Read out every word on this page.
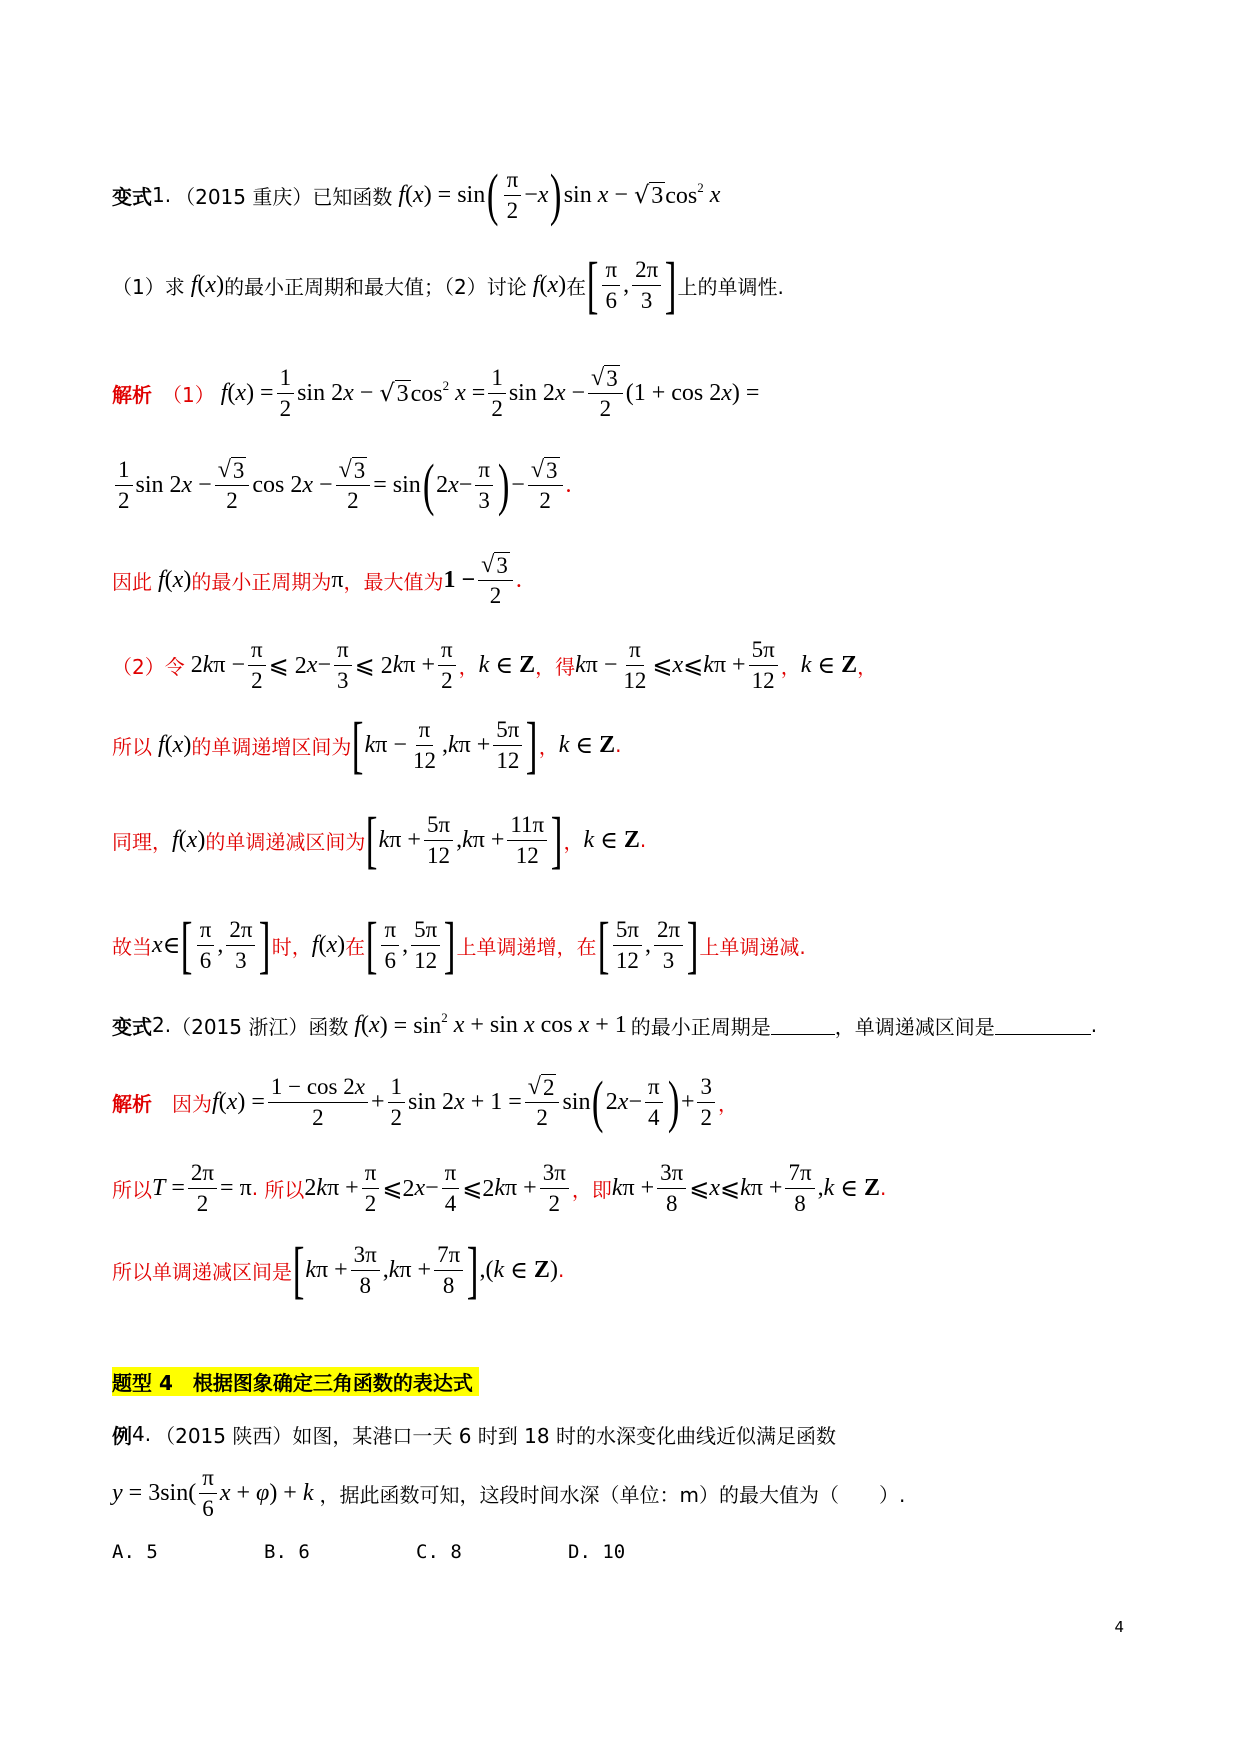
变式 1. （2015 重庆）已知函数 f ( x ) = sin ( $\frac{\pi}{2} - x$ ) sin x − √ 3 $\cos^2 x$
（1）求 f ( x ) 的最小正周期和最大值；（2）讨论 f ( x ) 在 [ $\frac{\pi}{6}$ , $\frac{2\pi}{3}$ ] 上的单调性.
解析 （1） f ( x ) = $\frac{1}{2}$ sin 2 x − √ 3 $\cos^2 x = \frac{1}{2}$ sin 2 $x - \frac{√ 3}{2} (1 + \cos 2$ x ) =
$\frac{1}{2}$ sin 2 $x - \frac{√ 3}{2}$ cos 2 $x - \frac{√ 3}{2} = \sin$ ( 2 $x - \frac{\pi}{3}$ ) − $\frac{√ 3}{2}$ .
因此 f ( x ) 的最小正周期为 π ，最大值为 $1 - \frac{√ 3}{2}$ .
（2）令 2 k $\pi - \frac{\pi}{2}$ ⩽ 2 $x - \frac{\pi}{3}$ ⩽ 2 k $\pi + \frac{\pi}{2}$ ， k ∈ Z ，得 k $\pi - \frac{\pi}{12}$ ⩽ x ⩽ k $\pi + \frac{5\pi}{12}$ ， k ∈ Z ，
所以 f ( x ) 的单调递增区间为 [ k $\pi - \frac{\pi}{12}$ , k $\pi + \frac{5\pi}{12}$ ] ， k ∈ Z .
同理， f ( x ) 的单调递减区间为 [ k $\pi + \frac{5\pi}{12}$ , k $\pi + \frac{11\pi}{12}$ ] ， k ∈ Z .
故当 x ∈ [ $\frac{\pi}{6}$ , $\frac{2\pi}{3}$ ] 时， f ( x ) 在 [ $\frac{\pi}{6}$ , $\frac{5\pi}{12}$ ] 上单调递增，在 [ $\frac{5\pi}{12}$ , $\frac{2\pi}{3}$ ] 上单调递减.
变式 2. （2015 浙江）函数 f ( x ) = $\sin^2 x + \sin x$ cos x + 1 的最小正周期是	，单调递减区间是	.
解析 因为 f ( x ) = $\frac{1 - \cos 2x}{2} + \frac{1}{2}$ sin 2 $x + 1 = \frac{√ 2}{2}$ sin ( 2 $x - \frac{\pi}{4}$ ) + $\frac{3}{2}$ ，
所以 $T = \frac{2\pi}{2} = \pi$ . 所以 2 k $\pi + \frac{\pi}{2}$ ⩽2 $x - \frac{\pi}{4}$ ⩽2 k $\pi + \frac{3\pi}{2}$ ，即 k $\pi + \frac{3\pi}{8}$ ⩽ x ⩽ k $\pi + \frac{7\pi}{8}$ , k ∈ Z .
所以单调递减区间是 [ k $\pi + \frac{3\pi}{8}$ , k $\pi + \frac{7\pi}{8}$ ] ,( k ∈ Z ) .
题型 4　根据图象确定三角函数的表达式
例 4. （2015 陕西）如图，某港口一天 6 时到 18 时的水深变化曲线近似满足函数
$y = 3\sin( \frac{\pi}{6}$ x + φ ) + k ，据此函数可知，这段时间水深（单位：m）的最大值为（　　）.
A. 5	B. 6	C. 8	D. 10
4
